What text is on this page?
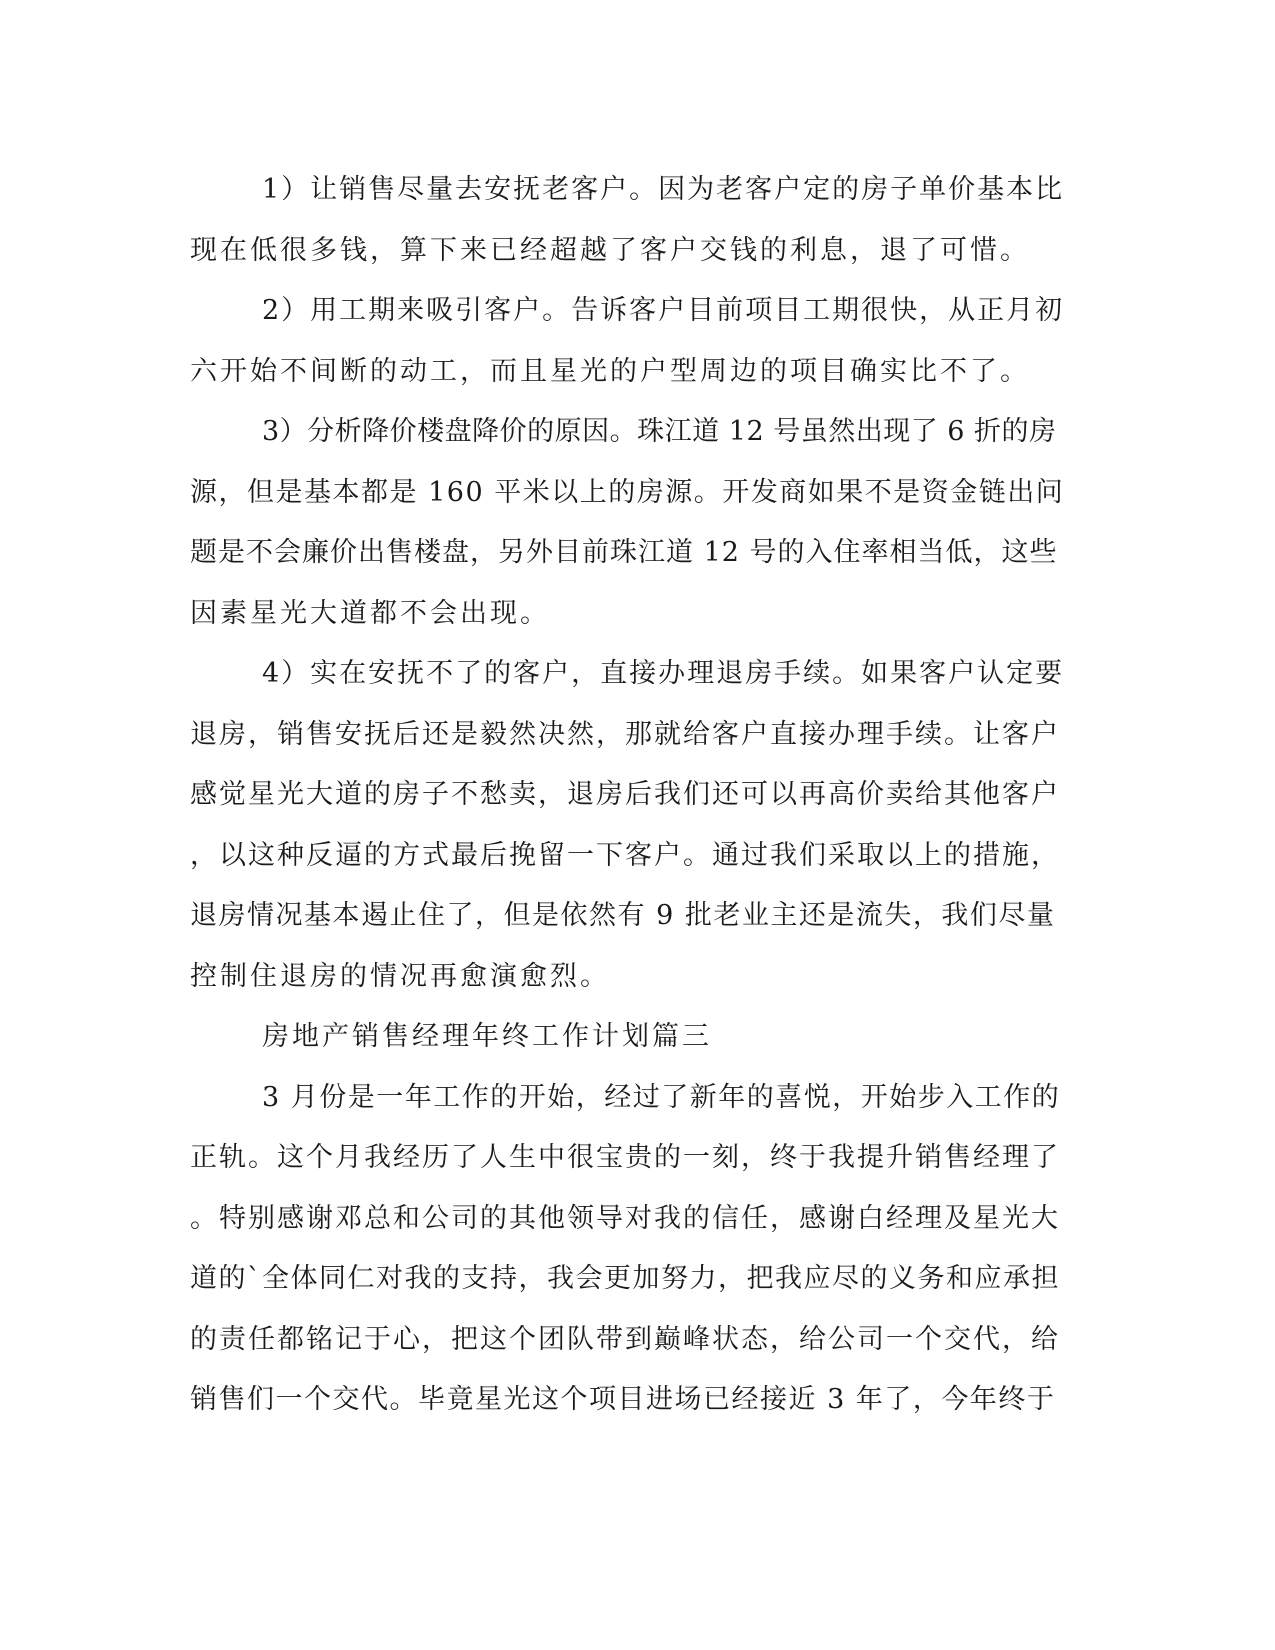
1）让销售尽量去安抚老客户。因为老客户定的房子单价基本比
现在低很多钱，算下来已经超越了客户交钱的利息，退了可惜。
2）用工期来吸引客户。告诉客户目前项目工期很快，从正月初
六开始不间断的动工，而且星光的户型周边的项目确实比不了。
3）分析降价楼盘降价的原因。珠江道 12 号虽然出现了 6 折的房
源，但是基本都是 160 平米以上的房源。开发商如果不是资金链出问
题是不会廉价出售楼盘，另外目前珠江道 12 号的入住率相当低，这些
因素星光大道都不会出现。
4）实在安抚不了的客户，直接办理退房手续。如果客户认定要
退房，销售安抚后还是毅然决然，那就给客户直接办理手续。让客户
感觉星光大道的房子不愁卖，退房后我们还可以再高价卖给其他客户
，以这种反逼的方式最后挽留一下客户。通过我们采取以上的措施，
退房情况基本遏止住了，但是依然有 9 批老业主还是流失，我们尽量
控制住退房的情况再愈演愈烈。
房地产销售经理年终工作计划篇三
3 月份是一年工作的开始，经过了新年的喜悦，开始步入工作的
正轨。这个月我经历了人生中很宝贵的一刻，终于我提升销售经理了
。特别感谢邓总和公司的其他领导对我的信任，感谢白经理及星光大
道的`全体同仁对我的支持，我会更加努力，把我应尽的义务和应承担
的责任都铭记于心，把这个团队带到巅峰状态，给公司一个交代，给
销售们一个交代。毕竟星光这个项目进场已经接近 3 年了，今年终于
